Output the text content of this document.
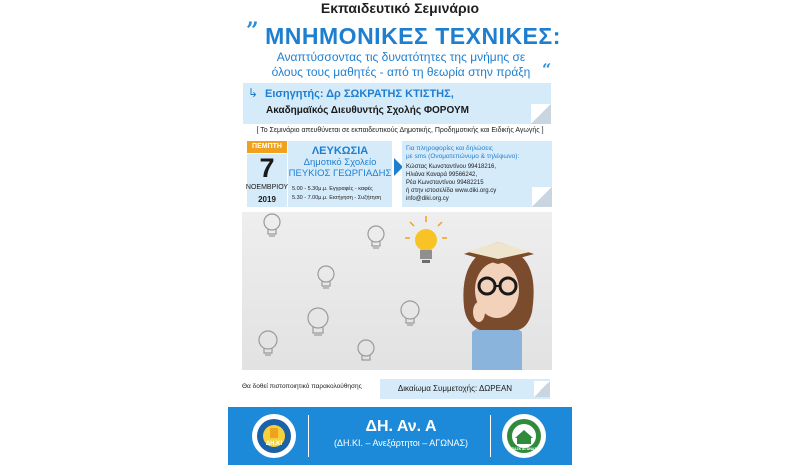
Εκπαιδευτικό Σεμινάριο
” ΜΝΗΜΟΝΙΚΕΣ ΤΕΧΝΙΚΕΣ:
Αναπτύσσοντας τις δυνατότητες της μνήμης σε
όλους τους μαθητές - από τη θεωρία στην πράξη “
↳ Εισηγητής: Δρ ΣΩΚΡΑΤΗΣ ΚΤΙΣΤΗΣ,
Ακαδημαϊκός Διευθυντής Σχολής ΦΟΡΟΥΜ
[ Το Σεμινάριο απευθύνεται σε εκπαιδευτικούς Δημοτικής, Προδημοτικής και Ειδικής Αγωγής ]
ΠΕΜΠΤΗ
7
ΝΟΕΜΒΡΙΟΥ
2019
ΛΕΥΚΩΣΙΑ
Δημοτικό Σχολείο
ΠΕΥΚΙΟΣ ΓΕΩΡΓΙΑΔΗΣ
5.00 - 5.30μ.μ. Εγγραφές - καφές
5.30 - 7.00μ.μ. Εισήγηση - Συζήτηση
Για πληροφορίες και δηλώσεις
με sms (Ονοματεπώνυμο & τηλέφωνο):
Κώστας Κωνσταντίνου 99418216,
Ηλιάνα Καναρά 99566242,
Ρέα Κωνσταντίνου 99482215
ή στην ιστοσελίδα www.diki.org.cy
info@diki.org.cy
Θα δοθεί πιστοποιητικό παρακολούθησης	Δικαίωμα Συμμετοχής: ΔΩΡΕΑΝ
ΔΗ.ΚΙ
ΔΗ. Αν. Α
(ΔΗ.ΚΙ. – Ανεξάρτητοι – ΑΓΩΝΑΣ)
ΠΑΣΚ ΑΓΩΝΑΣ
